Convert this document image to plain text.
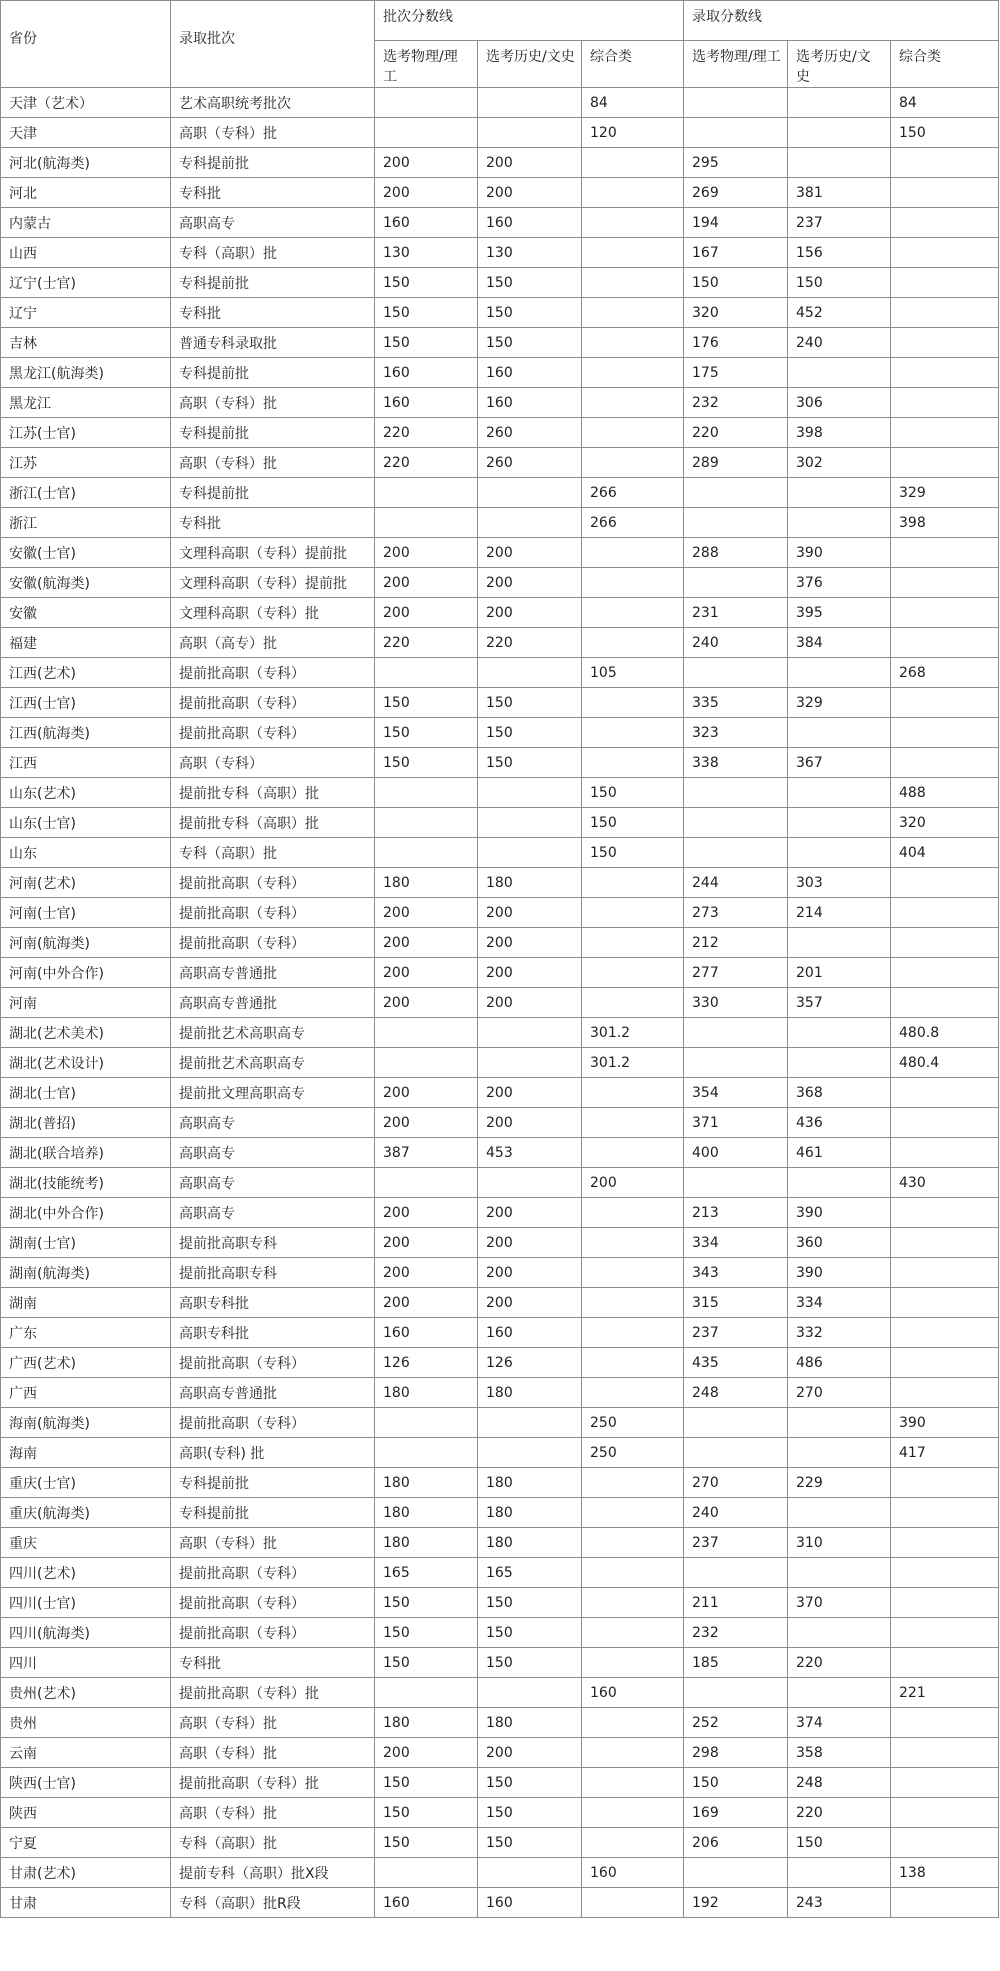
省份	录取批次	批次分数线			录取分数线		
		选考物理/理工	选考历史/文史	综合类	选考物理/理工	选考历史/文史	综合类
天津（艺术）	艺术高职统考批次			84			84
天津	高职（专科）批			120			150
河北(航海类)	专科提前批	200	200		295		
河北	专科批	200	200		269	381	
内蒙古	高职高专	160	160		194	237	
山西	专科（高职）批	130	130		167	156	
辽宁(士官)	专科提前批	150	150		150	150	
辽宁	专科批	150	150		320	452	
吉林	普通专科录取批	150	150		176	240	
黑龙江(航海类)	专科提前批	160	160		175		
黑龙江	高职（专科）批	160	160		232	306	
江苏(士官)	专科提前批	220	260		220	398	
江苏	高职（专科）批	220	260		289	302	
浙江(士官)	专科提前批			266			329
浙江	专科批			266			398
安徽(士官)	文理科高职（专科）提前批	200	200		288	390	
安徽(航海类)	文理科高职（专科）提前批	200	200			376	
安徽	文理科高职（专科）批	200	200		231	395	
福建	高职（高专）批	220	220		240	384	
江西(艺术)	提前批高职（专科）			105			268
江西(士官)	提前批高职（专科）	150	150		335	329	
江西(航海类)	提前批高职（专科）	150	150		323		
江西	高职（专科）	150	150		338	367	
山东(艺术)	提前批专科（高职）批			150			488
山东(士官)	提前批专科（高职）批			150			320
山东	专科（高职）批			150			404
河南(艺术)	提前批高职（专科）	180	180		244	303	
河南(士官)	提前批高职（专科）	200	200		273	214	
河南(航海类)	提前批高职（专科）	200	200		212		
河南(中外合作)	高职高专普通批	200	200		277	201	
河南	高职高专普通批	200	200		330	357	
湖北(艺术美术)	提前批艺术高职高专			301.2			480.8
湖北(艺术设计)	提前批艺术高职高专			301.2			480.4
湖北(士官)	提前批文理高职高专	200	200		354	368	
湖北(普招)	高职高专	200	200		371	436	
湖北(联合培养)	高职高专	387	453		400	461	
湖北(技能统考)	高职高专			200			430
湖北(中外合作)	高职高专	200	200		213	390	
湖南(士官)	提前批高职专科	200	200		334	360	
湖南(航海类)	提前批高职专科	200	200		343	390	
湖南	高职专科批	200	200		315	334	
广东	高职专科批	160	160		237	332	
广西(艺术)	提前批高职（专科）	126	126		435	486	
广西	高职高专普通批	180	180		248	270	
海南(航海类)	提前批高职（专科）			250			390
海南	高职(专科) 批			250			417
重庆(士官)	专科提前批	180	180		270	229	
重庆(航海类)	专科提前批	180	180		240		
重庆	高职（专科）批	180	180		237	310	
四川(艺术)	提前批高职（专科）	165	165				
四川(士官)	提前批高职（专科）	150	150		211	370	
四川(航海类)	提前批高职（专科）	150	150		232		
四川	专科批	150	150		185	220	
贵州(艺术)	提前批高职（专科）批			160			221
贵州	高职（专科）批	180	180		252	374	
云南	高职（专科）批	200	200		298	358	
陕西(士官)	提前批高职（专科）批	150	150		150	248	
陕西	高职（专科）批	150	150		169	220	
宁夏	专科（高职）批	150	150		206	150	
甘肃(艺术)	提前专科（高职）批X段			160			138
甘肃	专科（高职）批R段	160	160		192	243	
